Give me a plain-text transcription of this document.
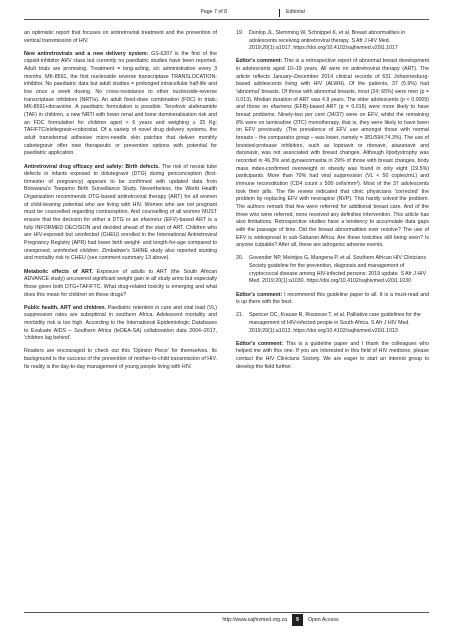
Page 7 of 8	Editorial

an optimistic report that focuses on antiretroviral treatment and the prevention of vertical transmission of HIV.

New antiretrovirals and a new delivery system: GS-6207 is the first of the capsid-inhibitor ARV class but currently no paediatric studies have been reported. Adult trials are promising. Treatment = long-acting, s/c administration every 3 months. MK-8591, the first nucleoside reverse transcriptase TRANSLOCATION-inhibitor. No paediatric data but adult studies = prolonged intracellular half-life and low once a week dosing. No cross-resistance to other nucleoside-reverse transcriptase inhibitors (NRTIs). An adult fixed-dose combination (FDC) in trials: MK-8591+doravirine. A paediatric formulation is possible. Tenofovir alafenamide (TAF) in children, a new NRTI with lower renal and bone demineralisation risk and an FDC formulation for children aged > 6 years and weighing ≥ 25 Kg: TAF/FTC/elvitegravir+cobicistat. Of a variety of novel drug delivery systems, the adult transdermal adhesive micro-needle skin patches that deliver monthly cabotegravir offer new therapeutic or prevention options with potential for paediatric application.

Antiretroviral drug efficacy and safety: Birth defects. The risk of neural tube defects in infants exposed to dolutegravir (DTG) during periconception (first-trimester of pregnancy) appears to be confirmed with updated data from Botswana's Tsepamo Birth Surveillance Study. Nevertheless, the World Health Organization recommends DTG-based antiretroviral therapy (ART) for all women of child-bearing potential who are living with HIV. Women who are not pregnant must be counselled regarding contraception. And counselling of all women MUST ensure that the decision for either a DTG or an efavirenz (EFV)-based ART is a fully INFORMED DECISION and decided ahead of the start of ART. Children who are HIV-exposed but uninfected (CHEU) enrolled in the International Antiretroviral Pregnancy Registry (APR) had lower birth weight- and length-for-age compared to unexposed, uninfected children. Zimbabwe's SHINE study also reported stunting and mortality risk to CHEU (see comment summary 13 above).

Metabolic effects of ART. Exposure of adults to ART (the South African ADVANCE study) uncovered significant weight gain in all study arms but especially those given both DTG+TAF/FTC. What drug-related toxicity is emerging and what does this mean for children on these drugs?

Public health, ART and children. Paediatric retention in care and viral load (VL) suppression rates are suboptimal in southern Africa. Adolescent mortality and morbidity risk is too high. According to the International Epidemiologic Databases to Evaluate AIDS – Southern Africa (IeDEA-SA) collaboration data 2004–2017, 'children lag behind'.

Readers are encouraged to check out this 'Opinion Piece' for themselves. Its background is the success of the prevention of mother-to-child transmission of HIV. Its reality is the day-to-day management of young people living with HIV.

19. Dunlop JL, Slemming W, Schnippel K, et al. Breast abnormalities in adolescents receiving antiretroviral therapy. S Afr J HIV Med. 2019;20(1):a1017. https://doi.org/10.4102/sajhivmed.v20i1.1017

Editor's comment: This is a retrospective report of abnormal breast development in adolescents aged 10–19 years. All were on antiretroviral therapy (ART). The article reflects January–December 2014 clinical records of 631 Johannesburg-based adolescents living with HIV (ALWH). Of the patients, 37 (5.9%) had 'abnormal' breasts. Of those with abnormal breasts, most (24; 65%) were men (p = 0.013). Median duration of ART was 4.9 years. The older adolescents (p < 0.0005) and those on efavirenz (EFB)-based ART (p = 0.016) were more likely to have breast problems. Ninety-two per cent (34/37) were on EFV, whilst the remaining 8% were on lamivudine (3TC) monotherapy, that is, they were likely to have been on EFV previously. (The prevalence of EFV use amongst those with normal breasts – the comparator group – was lower, namely = 381/594;74.3%). The use of boosted-protease inhibitors, such as lopinavir or ritonavir, atazanavir and darunavir, was not associated with breast changes. Although lipodystrophy was recorded in 46.3% and gynaecomastia in 29% of those with breast changes, body mass index-confirmed overweight or obesity was found in only eight (19.5%) participants. More than 70% had viral suppression (VL < 50 copies/mL) and immune reconstitution (CD4 count ≥ 500 cells/mm³). Most of the 37 adolescents took their pills. The file review indicated that clinic physicians 'corrected' the problem by replacing EFV with nevirapine (NVP). This hardly solved the problem. The authors remark that few were referred for additional breast care. And of the three who were referred, none received any definitive intervention. This article has also limitations. Retrospective studies have a tendency to accumulate data gaps with the passage of time. Did the breast abnormalities ever resolve? The use of EFV is widespread in sub-Saharan Africa. Are these toxicities still being seen? Is anyone culpable? After all, these are iatrogenic adverse events.

20. Govender NP, Meintjes G, Mangena P, et al. Southern African HIV Clinicians Society guideline for the prevention, diagnosis and management of cryptococcal disease among HIV-infected persons: 2019 update. S Afr J HIV Med. 2019;20(1):a1030. https://doi.org/10.4102/sajhivmed.v20i1.1030

Editor's comment: I recommend this guideline paper to all. It is a must-read and is up there with the best.

21. Spencer DC, Krause R, Rossouw T, et al. Palliative care guidelines for the management of HIV-infected people in South Africa. S Afr J HIV Med. 2019;20(1):a1013. https://doi.org/10.4102/sajhivmed.v20i1.1013

Editor's comment: This is a guideline paper and I thank the colleagues who helped me with this one. If you are interested in this field of HIV medicine, please contact the HIV Clinicians Society. We are eager to start an interest group to develop the field further.

http://www.sajhivmed.org.za	9	Open Access
